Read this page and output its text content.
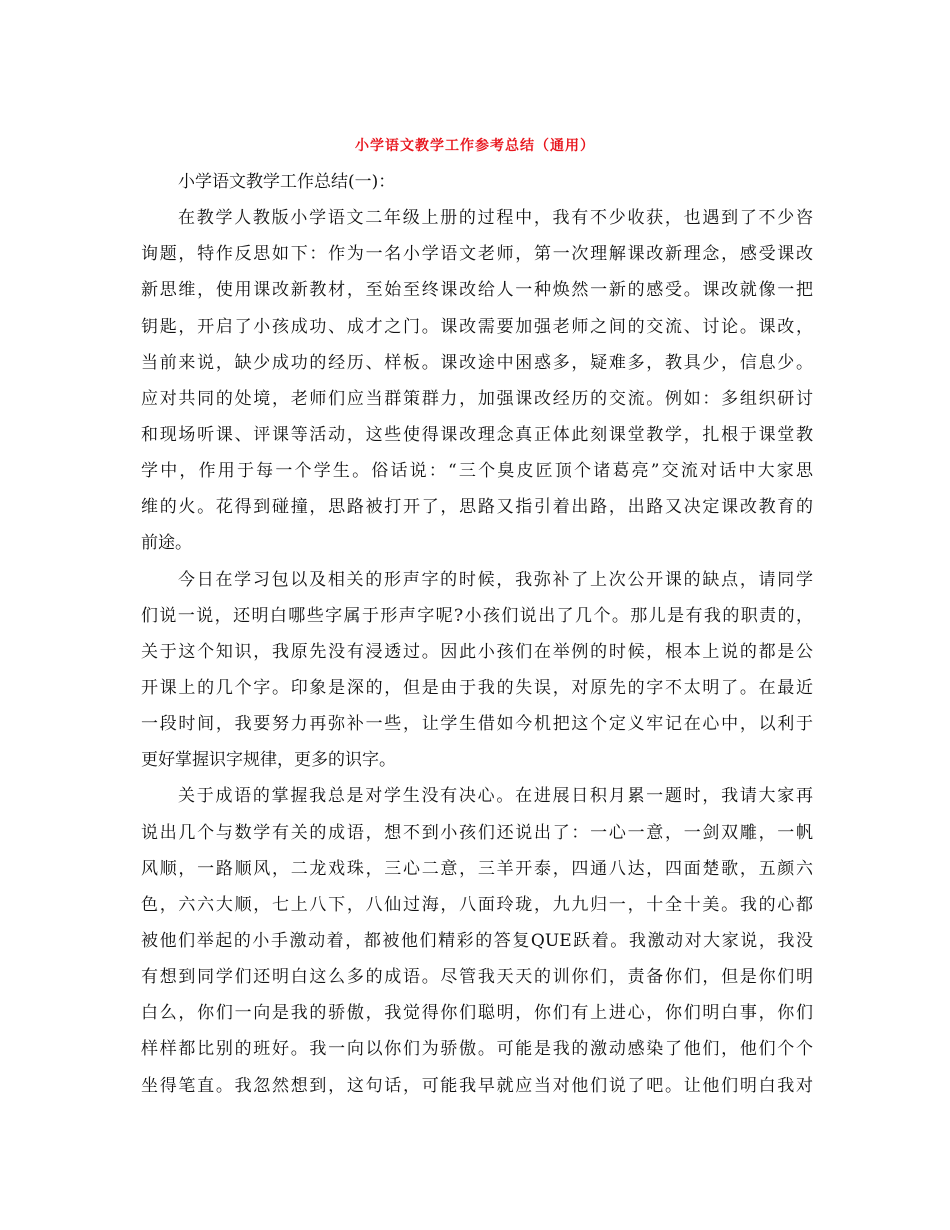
小学语文教学工作参考总结（通用）
小学语文教学工作总结(一)：
在教学人教版小学语文二年级上册的过程中，我有不少收获，也遇到了不少咨
询题，特作反思如下：作为一名小学语文老师，第一次理解课改新理念，感受课改
新思维，使用课改新教材，至始至终课改给人一种焕然一新的感受。课改就像一把
钥匙，开启了小孩成功、成才之门。课改需要加强老师之间的交流、讨论。课改，
当前来说，缺少成功的经历、样板。课改途中困惑多，疑难多，教具少，信息少。
应对共同的处境，老师们应当群策群力，加强课改经历的交流。例如：多组织研讨
和现场听课、评课等活动，这些使得课改理念真正体此刻课堂教学，扎根于课堂教
学中，作用于每一个学生。俗话说：“三个臭皮匠顶个诸葛亮”交流对话中大家思
维的火。花得到碰撞，思路被打开了，思路又指引着出路，出路又决定课改教育的
前途。
今日在学习包以及相关的形声字的时候，我弥补了上次公开课的缺点，请同学
们说一说，还明白哪些字属于形声字呢?小孩们说出了几个。那儿是有我的职责的，
关于这个知识，我原先没有浸透过。因此小孩们在举例的时候，根本上说的都是公
开课上的几个字。印象是深的，但是由于我的失误，对原先的字不太明了。在最近
一段时间，我要努力再弥补一些，让学生借如今机把这个定义牢记在心中，以利于
更好掌握识字规律，更多的识字。
关于成语的掌握我总是对学生没有决心。在进展日积月累一题时，我请大家再
说出几个与数学有关的成语，想不到小孩们还说出了：一心一意，一剑双雕，一帆
风顺，一路顺风，二龙戏珠，三心二意，三羊开泰，四通八达，四面楚歌，五颜六
色，六六大顺，七上八下，八仙过海，八面玲珑，九九归一，十全十美。我的心都
被他们举起的小手激动着，都被他们精彩的答复QUE跃着。我激动对大家说，我没
有想到同学们还明白这么多的成语。尽管我天天的训你们，责备你们，但是你们明
白么，你们一向是我的骄傲，我觉得你们聪明，你们有上进心，你们明白事，你们
样样都比别的班好。我一向以你们为骄傲。可能是我的激动感染了他们，他们个个
坐得笔直。我忽然想到，这句话，可能我早就应当对他们说了吧。让他们明白我对
